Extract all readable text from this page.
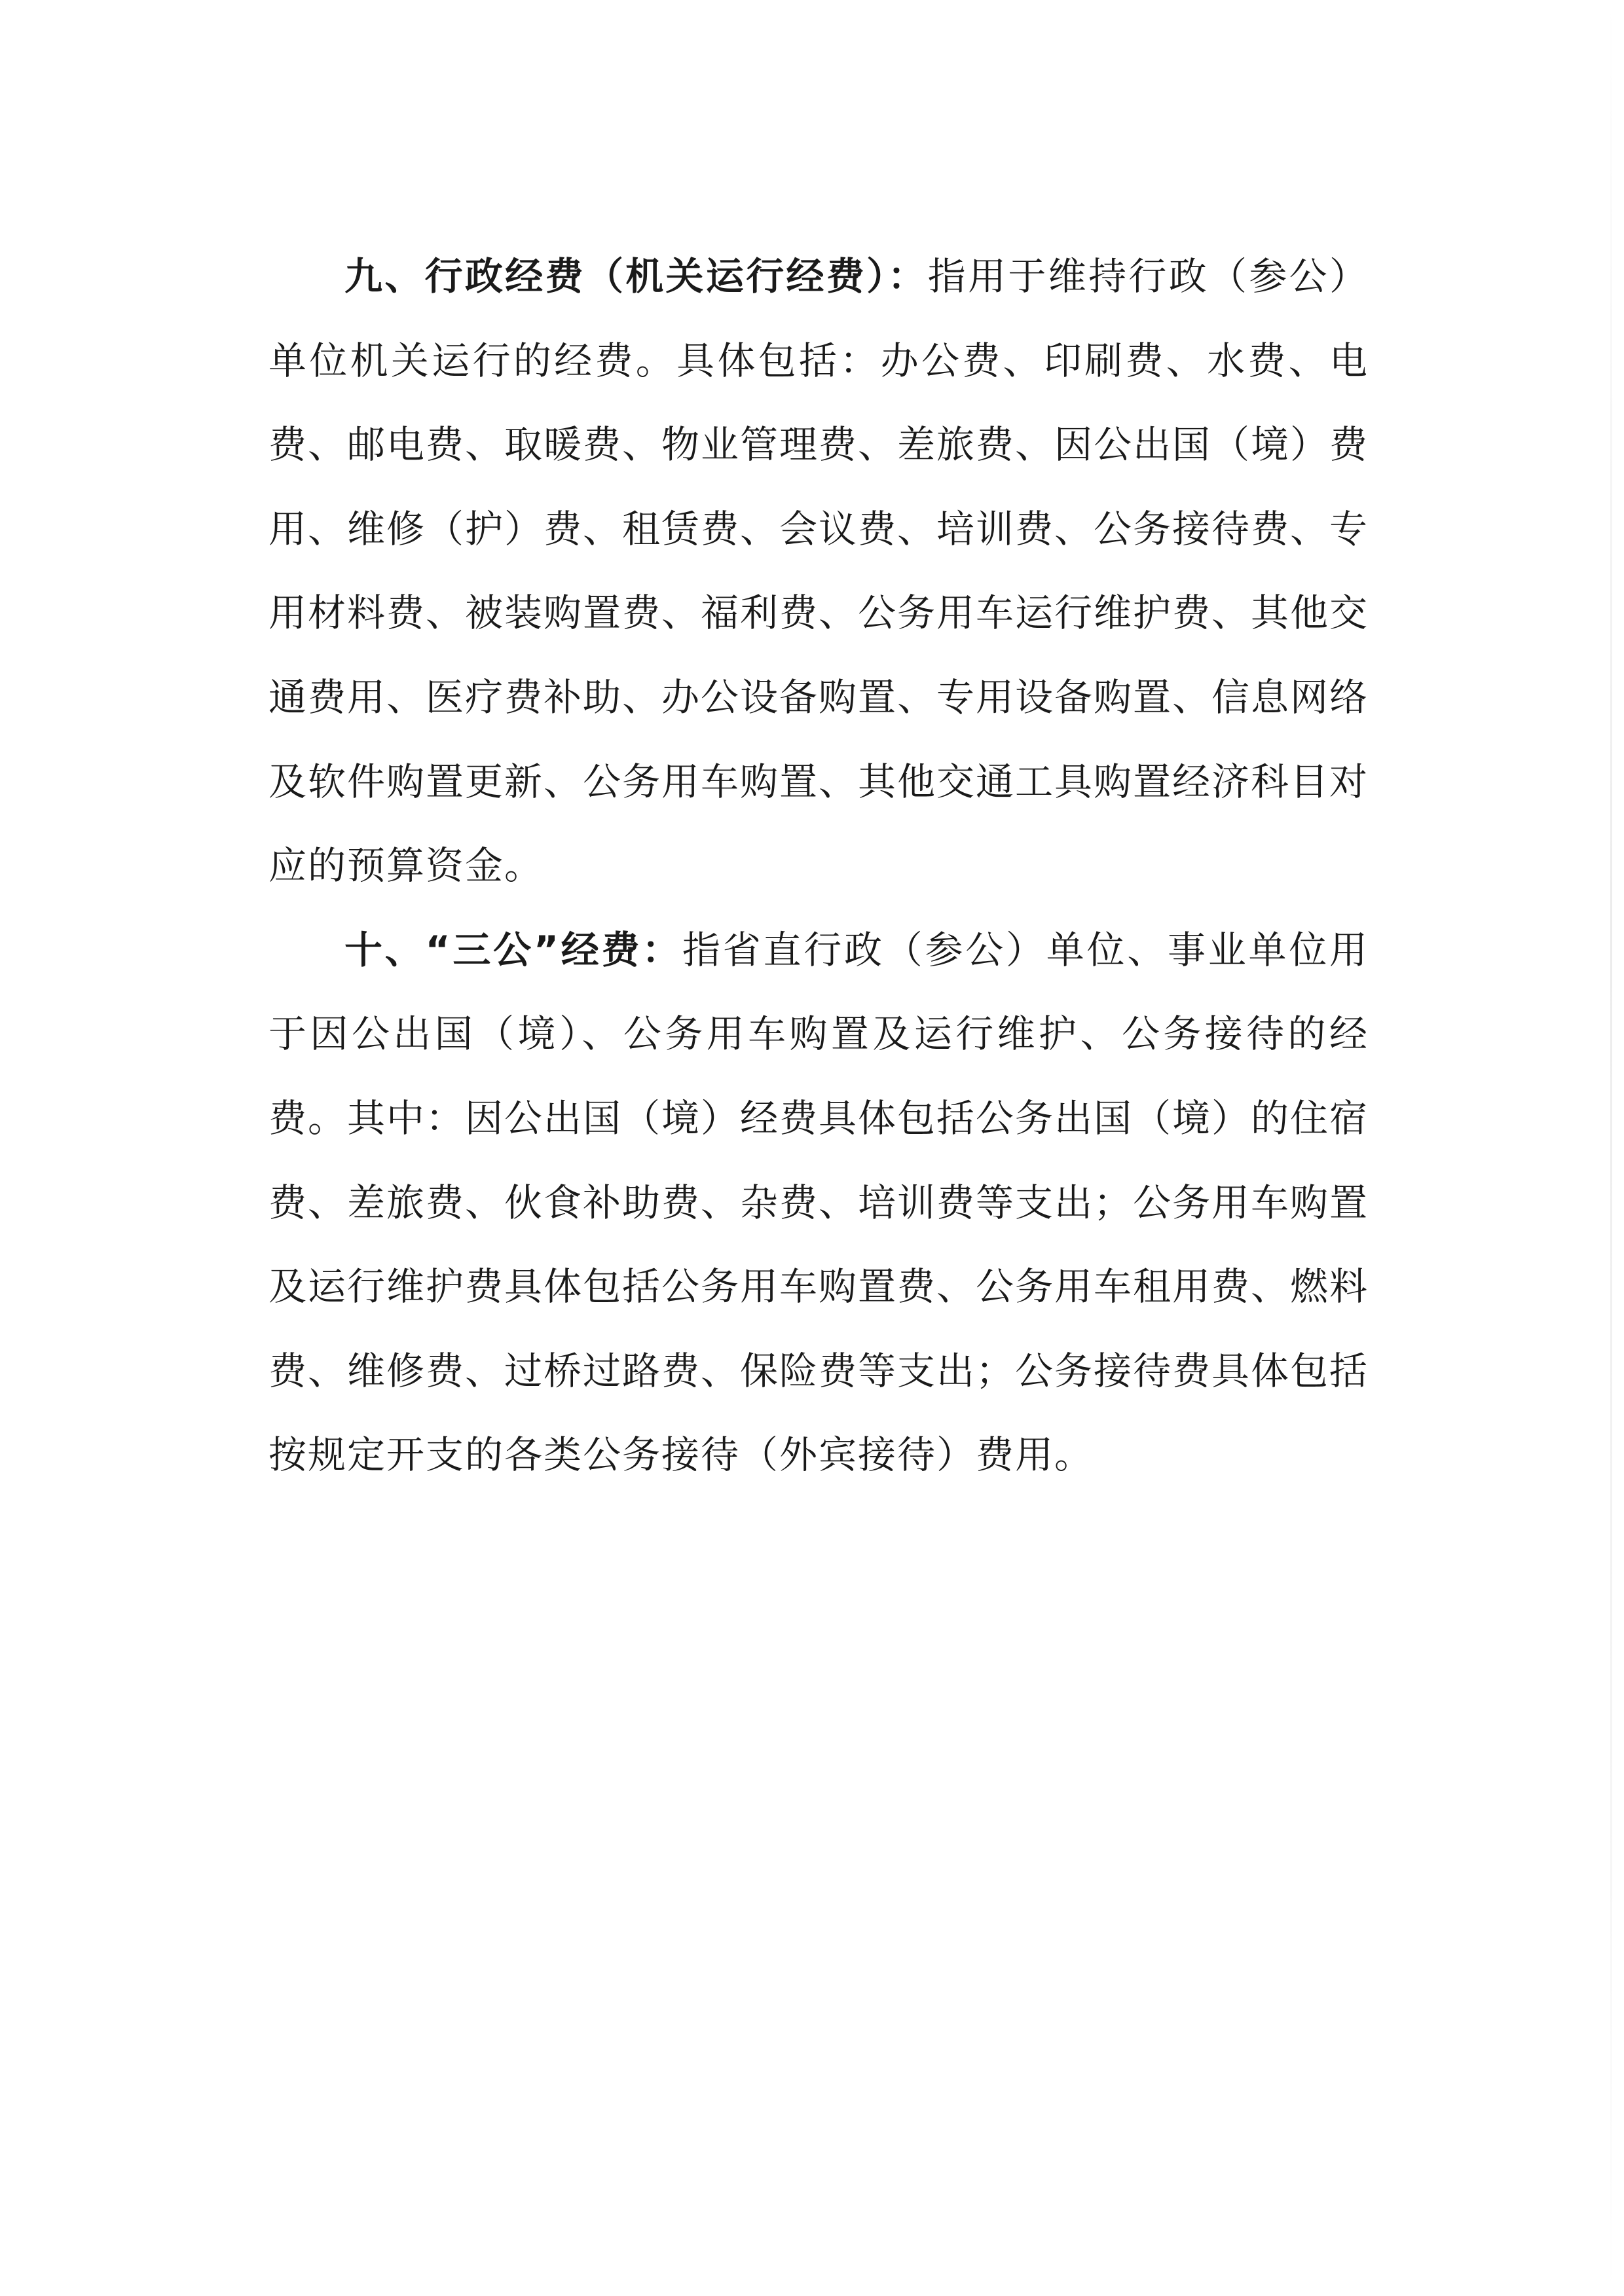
九、行政经费（机关运行经费）：指用于维持行政（参公）单位机关运行的经费。具体包括：办公费、印刷费、水费、电费、邮电费、取暖费、物业管理费、差旅费、因公出国（境）费用、维修（护）费、租赁费、会议费、培训费、公务接待费、专用材料费、被装购置费、福利费、公务用车运行维护费、其他交通费用、医疗费补助、办公设备购置、专用设备购置、信息网络及软件购置更新、公务用车购置、其他交通工具购置经济科目对应的预算资金。

十、“三公”经费：指省直行政（参公）单位、事业单位用于因公出国（境）、公务用车购置及运行维护、公务接待的经费。其中：因公出国（境）经费具体包括公务出国（境）的住宿费、差旅费、伙食补助费、杂费、培训费等支出；公务用车购置及运行维护费具体包括公务用车购置费、公务用车租用费、燃料费、维修费、过桥过路费、保险费等支出；公务接待费具体包括按规定开支的各类公务接待（外宾接待）费用。
